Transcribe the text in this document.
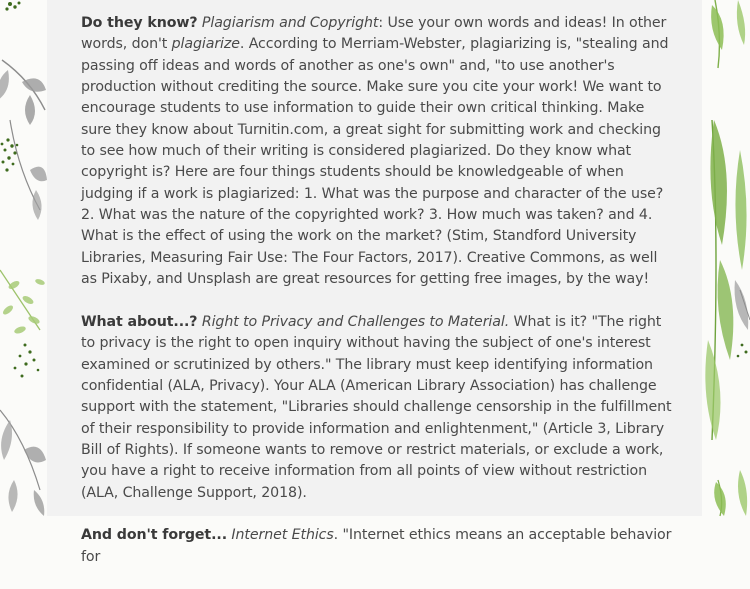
Do they know? Plagiarism and Copyright: Use your own words and ideas! In other words, don't plagiarize. According to Merriam-Webster, plagiarizing is, "stealing and passing off ideas and words of another as one's own" and, "to use another's production without crediting the source. Make sure you cite your work! We want to encourage students to use information to guide their own critical thinking. Make sure they know about Turnitin.com, a great sight for submitting work and checking to see how much of their writing is considered plagiarized. Do they know what copyright is? Here are four things students should be knowledgeable of when judging if a work is plagiarized: 1. What was the purpose and character of the use? 2. What was the nature of the copyrighted work? 3. How much was taken? and 4. What is the effect of using the work on the market? (Stim, Standford University Libraries, Measuring Fair Use: The Four Factors, 2017). Creative Commons, as well as Pixaby, and Unsplash are great resources for getting free images, by the way!

What about...? Right to Privacy and Challenges to Material. What is it? "The right to privacy is the right to open inquiry without having the subject of one's interest examined or scrutinized by others." The library must keep identifying information confidential (ALA, Privacy). Your ALA (American Library Association) has challenge support with the statement, "Libraries should challenge censorship in the fulfillment of their responsibility to provide information and enlightenment," (Article 3, Library Bill of Rights). If someone wants to remove or restrict materials, or exclude a work, you have a right to receive information from all points of view without restriction (ALA, Challenge Support, 2018).

And don't forget... Internet Ethics. "Internet ethics means an acceptable behavior for
